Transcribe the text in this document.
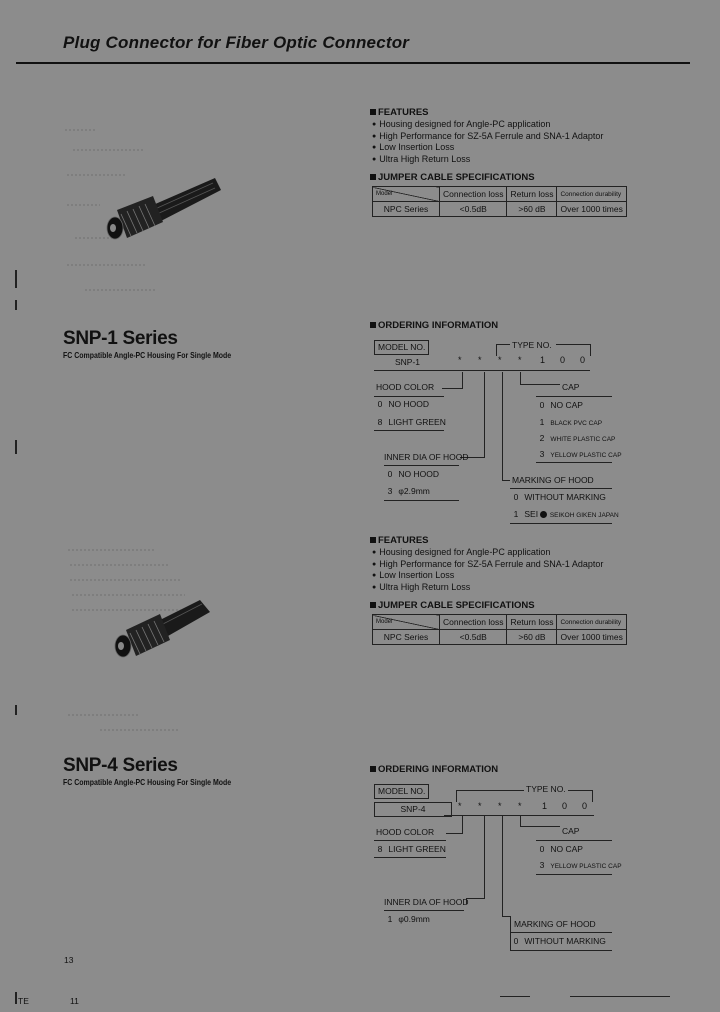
Plug Connector for Fiber Optic Connector
SNP-1 Series
FC Compatible Angle-PC Housing For Single Mode
FEATURES
● Housing designed for Angle-PC application
● High Performance for SZ-5A Ferrule and SNA-1 Adaptor
● Low Insertion Loss
● Ultra High Return Loss
JUMPER CABLE SPECIFICATIONS
Model	Connection loss	Return loss	Connection durability
NPC Series	<0.5dB	>60 dB	Over 1000 times
ORDERING INFORMATION
MODEL NO.	TYPE NO.
SNP-1	* * * * 1 0 0
HOOD COLOR
0 NO HOOD
8 LIGHT GREEN
INNER DIA OF HOOD
0 NO HOOD
3 φ2.9mm
CAP
0 NO CAP
1 BLACK PVC CAP
2 WHITE PLASTIC CAP
3 YELLOW PLASTIC CAP
MARKING OF HOOD
0 WITHOUT MARKING
1 SEI SEIKOH GIKEN JAPAN
FEATURES
● Housing designed for Angle-PC application
● High Performance for SZ-5A Ferrule and SNA-1 Adaptor
● Low Insertion Loss
● Ultra High Return Loss
JUMPER CABLE SPECIFICATIONS
Model	Connection loss	Return loss	Connection durability
NPC Series	<0.5dB	>60 dB	Over 1000 times
SNP-4 Series
FC Compatible Angle-PC Housing For Single Mode
ORDERING INFORMATION
MODEL NO.	TYPE NO.
SNP-4	* * * * 1 0 0
HOOD COLOR
8 LIGHT GREEN
INNER DIA OF HOOD
1 φ0.9mm
CAP
0 NO CAP
3 YELLOW PLASTIC CAP
MARKING OF HOOD
0 WITHOUT MARKING
13
TE	11
